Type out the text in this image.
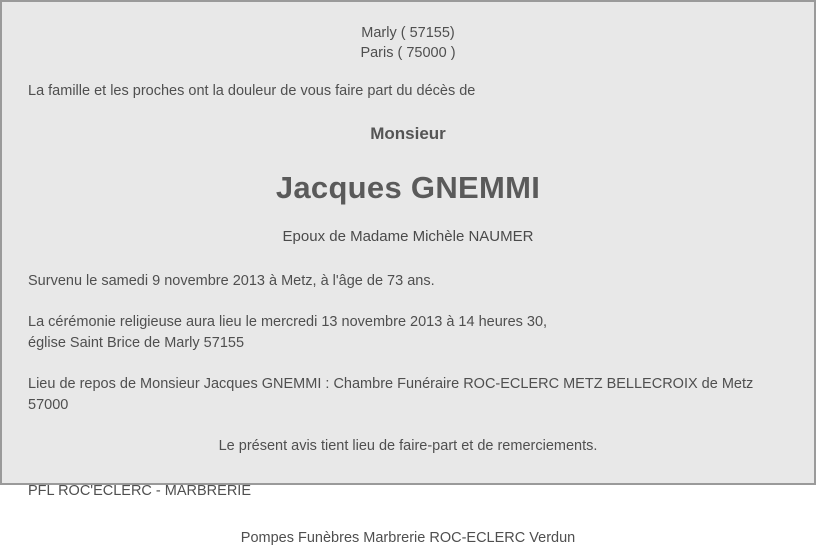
Marly ( 57155)
Paris ( 75000 )
La famille et les proches ont la douleur de vous faire part du décès de
Monsieur
Jacques GNEMMI
Epoux de Madame Michèle NAUMER
Survenu le samedi 9 novembre 2013 à Metz, à l'âge de 73 ans.
La cérémonie religieuse aura lieu le mercredi 13 novembre 2013 à 14 heures 30,
église Saint Brice de Marly 57155
Lieu de repos de Monsieur Jacques GNEMMI : Chambre Funéraire ROC-ECLERC METZ BELLECROIX de Metz 57000
Le présent avis tient lieu de faire-part et de remerciements.
PFL ROC'ECLERC - MARBRERIE
Pompes Funèbres Marbrerie ROC-ECLERC Verdun
